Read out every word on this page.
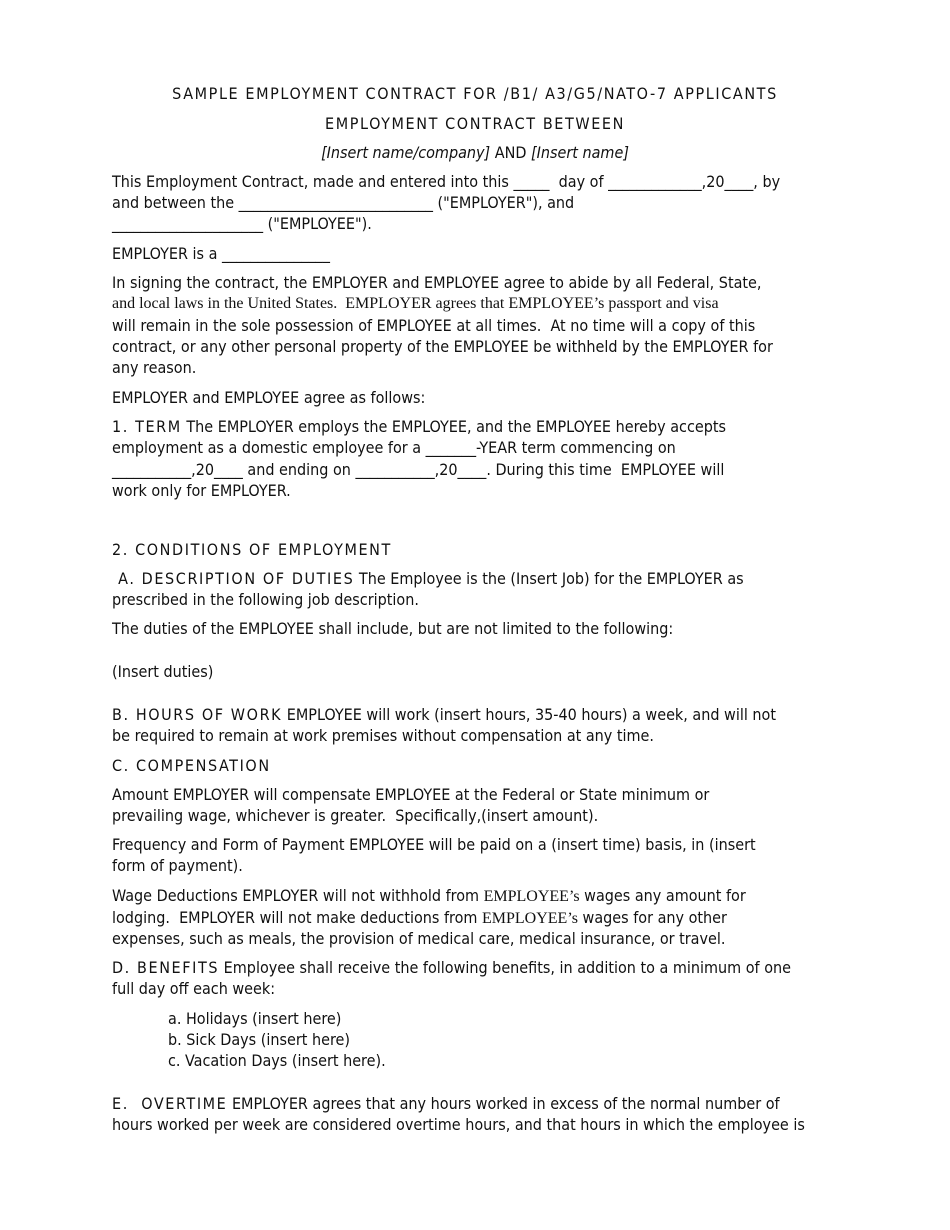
SAMPLE EMPLOYMENT CONTRACT FOR /B1/ A3/G5/NATO-7 APPLICANTS
EMPLOYMENT CONTRACT BETWEEN
[Insert name/company] AND [Insert name]
This Employment Contract, made and entered into this _____  day of _____________,20____, by
and between the ___________________________ ("EMPLOYER"), and
_____________________ ("EMPLOYEE").
EMPLOYER is a _______________
In signing the contract, the EMPLOYER and EMPLOYEE agree to abide by all Federal, State,
and local laws in the United States.  EMPLOYER agrees that EMPLOYEE’s passport and visa
will remain in the sole possession of EMPLOYEE at all times.  At no time will a copy of this
contract, or any other personal property of the EMPLOYEE be withheld by the EMPLOYER for
any reason.
EMPLOYER and EMPLOYEE agree as follows:
1. TERM The EMPLOYER employs the EMPLOYEE, and the EMPLOYEE hereby accepts
employment as a domestic employee for a _______-YEAR term commencing on
___________,20____ and ending on ___________,20____. During this time  EMPLOYEE will
work only for EMPLOYER.
2. CONDITIONS OF EMPLOYMENT
A. DESCRIPTION OF DUTIES The Employee is the (Insert Job) for the EMPLOYER as
prescribed in the following job description.
The duties of the EMPLOYEE shall include, but are not limited to the following:
(Insert duties)
B. HOURS OF WORK EMPLOYEE will work (insert hours, 35-40 hours) a week, and will not
be required to remain at work premises without compensation at any time.
C. COMPENSATION
Amount EMPLOYER will compensate EMPLOYEE at the Federal or State minimum or
prevailing wage, whichever is greater.  Specifically,(insert amount).
Frequency and Form of Payment EMPLOYEE will be paid on a (insert time) basis, in (insert
form of payment).
Wage Deductions EMPLOYER will not withhold from EMPLOYEE’s wages any amount for
lodging.  EMPLOYER will not make deductions from EMPLOYEE’s wages for any other
expenses, such as meals, the provision of medical care, medical insurance, or travel.
D. BENEFITS Employee shall receive the following benefits, in addition to a minimum of one
full day off each week:
a. Holidays (insert here)
b. Sick Days (insert here)
c. Vacation Days (insert here).
E.  OVERTIME EMPLOYER agrees that any hours worked in excess of the normal number of
hours worked per week are considered overtime hours, and that hours in which the employee is
